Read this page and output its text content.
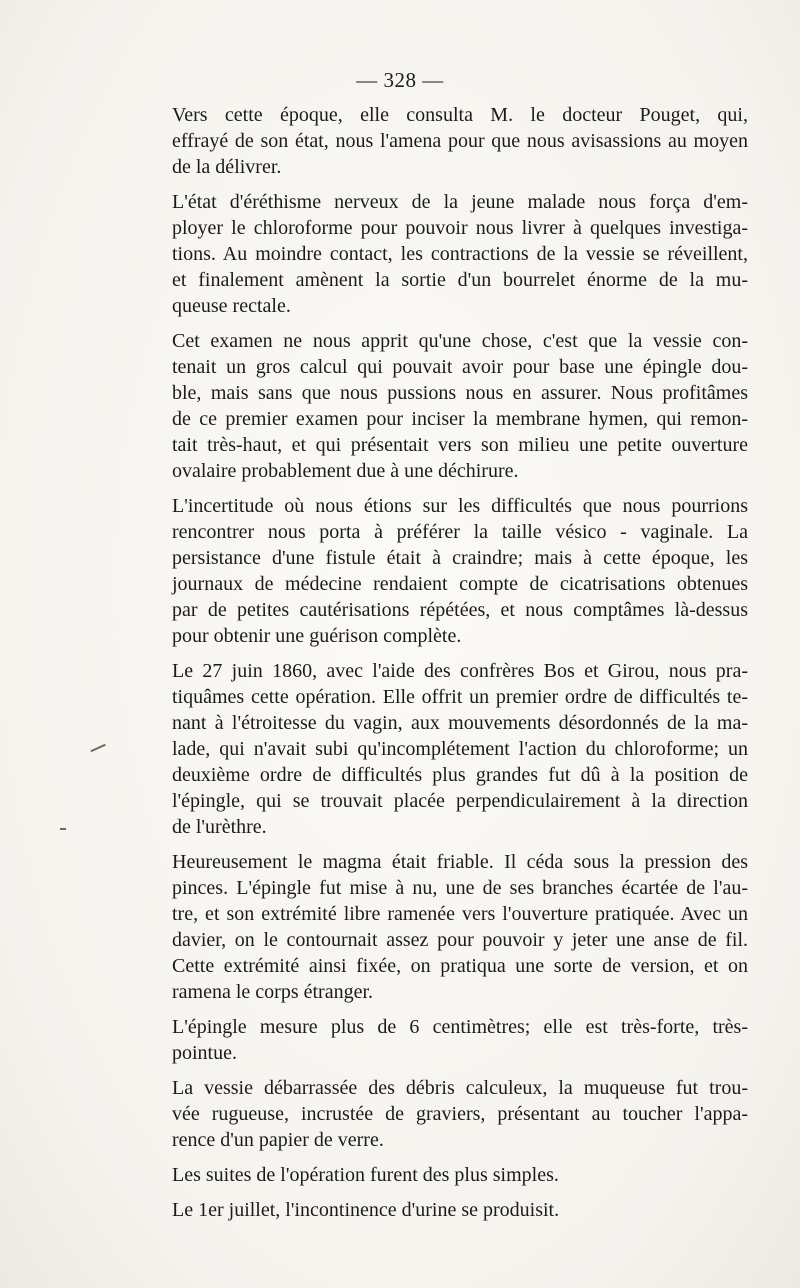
— 328 —
Vers cette époque, elle consulta M. le docteur Pouget, qui,
effrayé de son état, nous l'amena pour que nous avisassions au moyen
de la délivrer.
L'état d'éréthisme nerveux de la jeune malade nous força d'em-
ployer le chloroforme pour pouvoir nous livrer à quelques investiga-
tions. Au moindre contact, les contractions de la vessie se réveillent,
et finalement amènent la sortie d'un bourrelet énorme de la mu-
queuse rectale.
Cet examen ne nous apprit qu'une chose, c'est que la vessie con-
tenait un gros calcul qui pouvait avoir pour base une épingle dou-
ble, mais sans que nous pussions nous en assurer. Nous profitâmes
de ce premier examen pour inciser la membrane hymen, qui remon-
tait très-haut, et qui présentait vers son milieu une petite ouverture
ovalaire probablement due à une déchirure.
L'incertitude où nous étions sur les difficultés que nous pourrions
rencontrer nous porta à préférer la taille vésico - vaginale. La
persistance d'une fistule était à craindre; mais à cette époque, les
journaux de médecine rendaient compte de cicatrisations obtenues
par de petites cautérisations répétées, et nous comptâmes là-dessus
pour obtenir une guérison complète.
Le 27 juin 1860, avec l'aide des confrères Bos et Girou, nous pra-
tiquâmes cette opération. Elle offrit un premier ordre de difficultés te-
nant à l'étroitesse du vagin, aux mouvements désordonnés de la ma-
lade, qui n'avait subi qu'incomplétement l'action du chloroforme; un
deuxième ordre de difficultés plus grandes fut dû à la position de
l'épingle, qui se trouvait placée perpendiculairement à la direction
de l'urèthre.
Heureusement le magma était friable. Il céda sous la pression des
pinces. L'épingle fut mise à nu, une de ses branches écartée de l'au-
tre, et son extrémité libre ramenée vers l'ouverture pratiquée. Avec un
davier, on le contournait assez pour pouvoir y jeter une anse de fil.
Cette extrémité ainsi fixée, on pratiqua une sorte de version, et on
ramena le corps étranger.
L'épingle mesure plus de 6 centimètres; elle est très-forte, très-
pointue.
La vessie débarrassée des débris calculeux, la muqueuse fut trou-
vée rugueuse, incrustée de graviers, présentant au toucher l'appa-
rence d'un papier de verre.
Les suites de l'opération furent des plus simples.
Le 1er juillet, l'incontinence d'urine se produisit.
